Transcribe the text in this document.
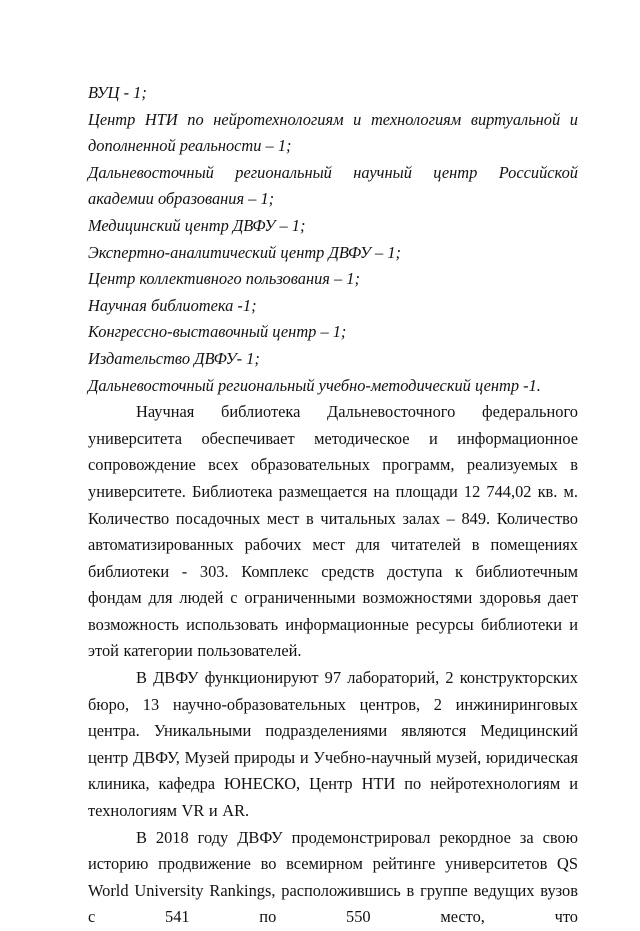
ВУЦ - 1;

Центр НТИ по нейротехнологиям и технологиям виртуальной и дополненной реальности – 1;

Дальневосточный региональный научный центр Российской академии образования – 1;

Медицинский центр ДВФУ – 1;

Экспертно-аналитический центр ДВФУ – 1;

Центр коллективного пользования – 1;

Научная библиотека -1;

Конгрессно-выставочный центр – 1;

Издательство ДВФУ- 1;

Дальневосточный региональный учебно-методический центр -1.

Научная библиотека Дальневосточного федерального университета обеспечивает методическое и информационное сопровождение всех образовательных программ, реализуемых в университете. Библиотека размещается на площади 12 744,02 кв. м. Количество посадочных мест в читальных залах – 849. Количество автоматизированных рабочих мест для читателей в помещениях библиотеки - 303. Комплекс средств доступа к библиотечным фондам для людей с ограниченными возможностями здоровья дает возможность использовать информационные ресурсы библиотеки и этой категории пользователей.

В ДВФУ функционируют 97 лабораторий, 2 конструкторских бюро, 13 научно-образовательных центров, 2 инжиниринговых центра. Уникальными подразделениями являются Медицинский центр ДВФУ, Музей природы и Учебно-научный музей, юридическая клиника, кафедра ЮНЕСКО, Центр НТИ по нейротехнологиям и технологиям VR и AR.

В 2018 году ДВФУ продемонстрировал рекордное за свою историю продвижение во всемирном рейтинге университетов QS World University Rankings, расположившись в группе ведущих вузов с 541 по 550 место, что
